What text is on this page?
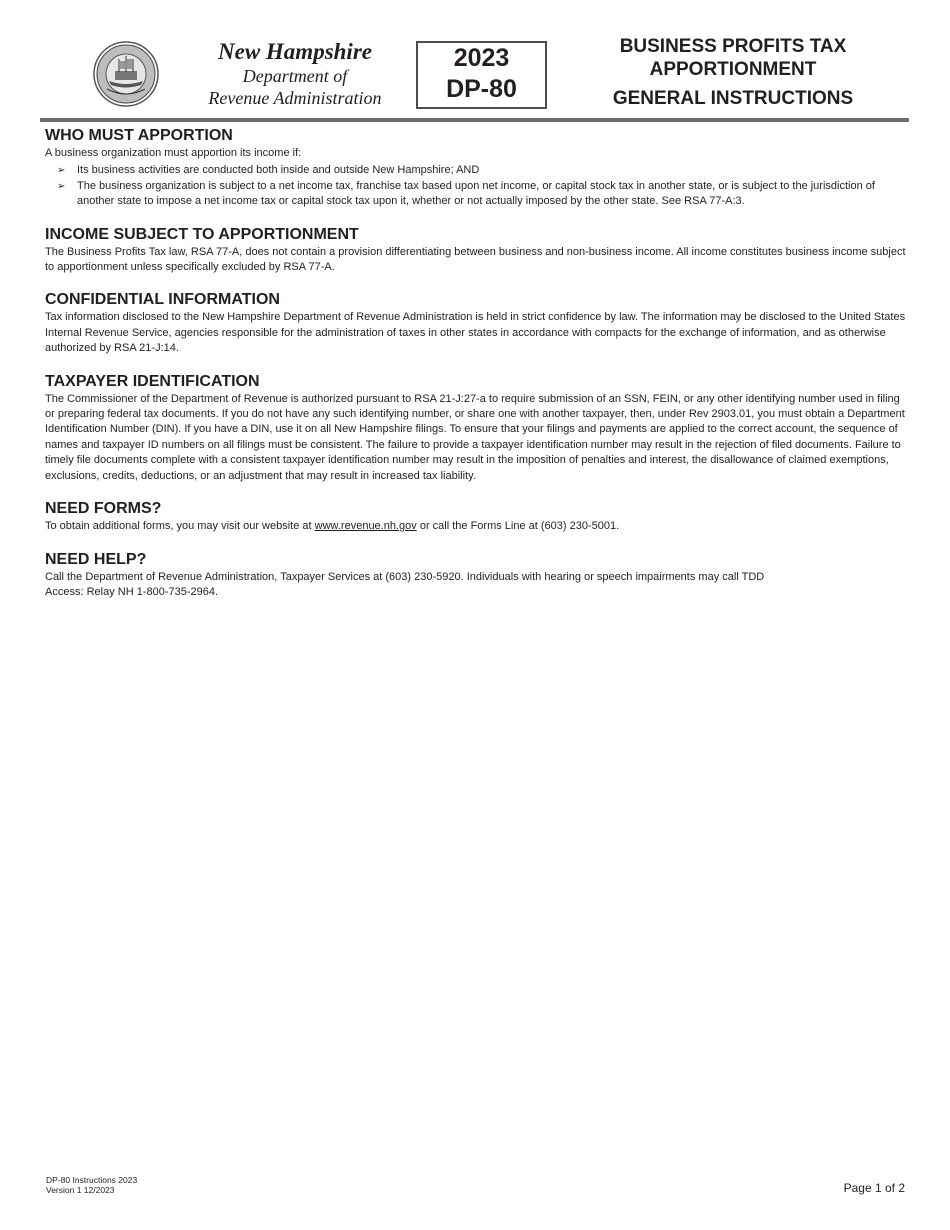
New Hampshire
Department of
Revenue Administration
2023
DP-80
BUSINESS PROFITS TAX
APPORTIONMENT
GENERAL INSTRUCTIONS
WHO MUST APPORTION

A business organization must apportion its income if:

➢ Its business activities are conducted both inside and outside New Hampshire; AND
➢ The business organization is subject to a net income tax, franchise tax based upon net income, or capital stock tax in another state, or is subject to the jurisdiction of another state to impose a net income tax or capital stock tax upon it, whether or not actually imposed by the other state. See RSA 77-A:3.
INCOME SUBJECT TO APPORTIONMENT

The Business Profits Tax law, RSA 77-A, does not contain a provision differentiating between business and non-business income. All income constitutes business income subject to apportionment unless specifically excluded by RSA 77-A.

CONFIDENTIAL INFORMATION

Tax information disclosed to the New Hampshire Department of Revenue Administration is held in strict confidence by law. The information may be disclosed to the United States Internal Revenue Service, agencies responsible for the administration of taxes in other states in accordance with compacts for the exchange of information, and as otherwise authorized by RSA 21-J:14.

TAXPAYER IDENTIFICATION

The Commissioner of the Department of Revenue is authorized pursuant to RSA 21-J:27-a to require submission of an SSN, FEIN, or any other identifying number used in filing or preparing federal tax documents. If you do not have any such identifying number, or share one with another taxpayer, then, under Rev 2903.01, you must obtain a Department Identification Number (DIN). If you have a DIN, use it on all New Hampshire filings. To ensure that your filings and payments are applied to the correct account, the sequence of names and taxpayer ID numbers on all filings must be consistent. The failure to provide a taxpayer identification number may result in the rejection of filed documents. Failure to timely file documents complete with a consistent taxpayer identification number may result in the imposition of penalties and interest, the disallowance of claimed exemptions, exclusions, credits, deductions, or an adjustment that may result in increased tax liability.

NEED FORMS?

To obtain additional forms, you may visit our website at www.revenue.nh.gov or call the Forms Line at (603) 230-5001.

NEED HELP?

Call the Department of Revenue Administration, Taxpayer Services at (603) 230-5920. Individuals with hearing or speech impairments may call TDD

Access: Relay NH 1-800-735-2964.

DP-80 Instructions 2023
Version 1 12/2023	Page 1 of 2
